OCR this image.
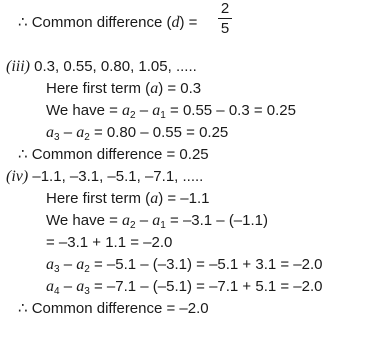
∴ Common difference (d) =
2
5
(iii) 0.3, 0.55, 0.80, 1.05, .....
Here first term (a) = 0.3
We have = $a_2 - a_1 = 0.55 - 0.3 = 0.25$
$a_3 - a_2 = 0.80 - 0.55 = 0.25$
∴ Common difference = 0.25
(iv) –1.1, –3.1, –5.1, –7.1, .....
Here first term (a) = –1.1
We have = $a_2 - a_1 = -3.1 - (-1.1)$
= –3.1 + 1.1 = –2.0
$a_3 - a_2 = -5.1 - (-3.1) = -5.1 + 3.1 = -2.0$
$a_4 - a_3 = -7.1 - (-5.1) = -7.1 + 5.1 = -2.0$
∴ Common difference = –2.0
